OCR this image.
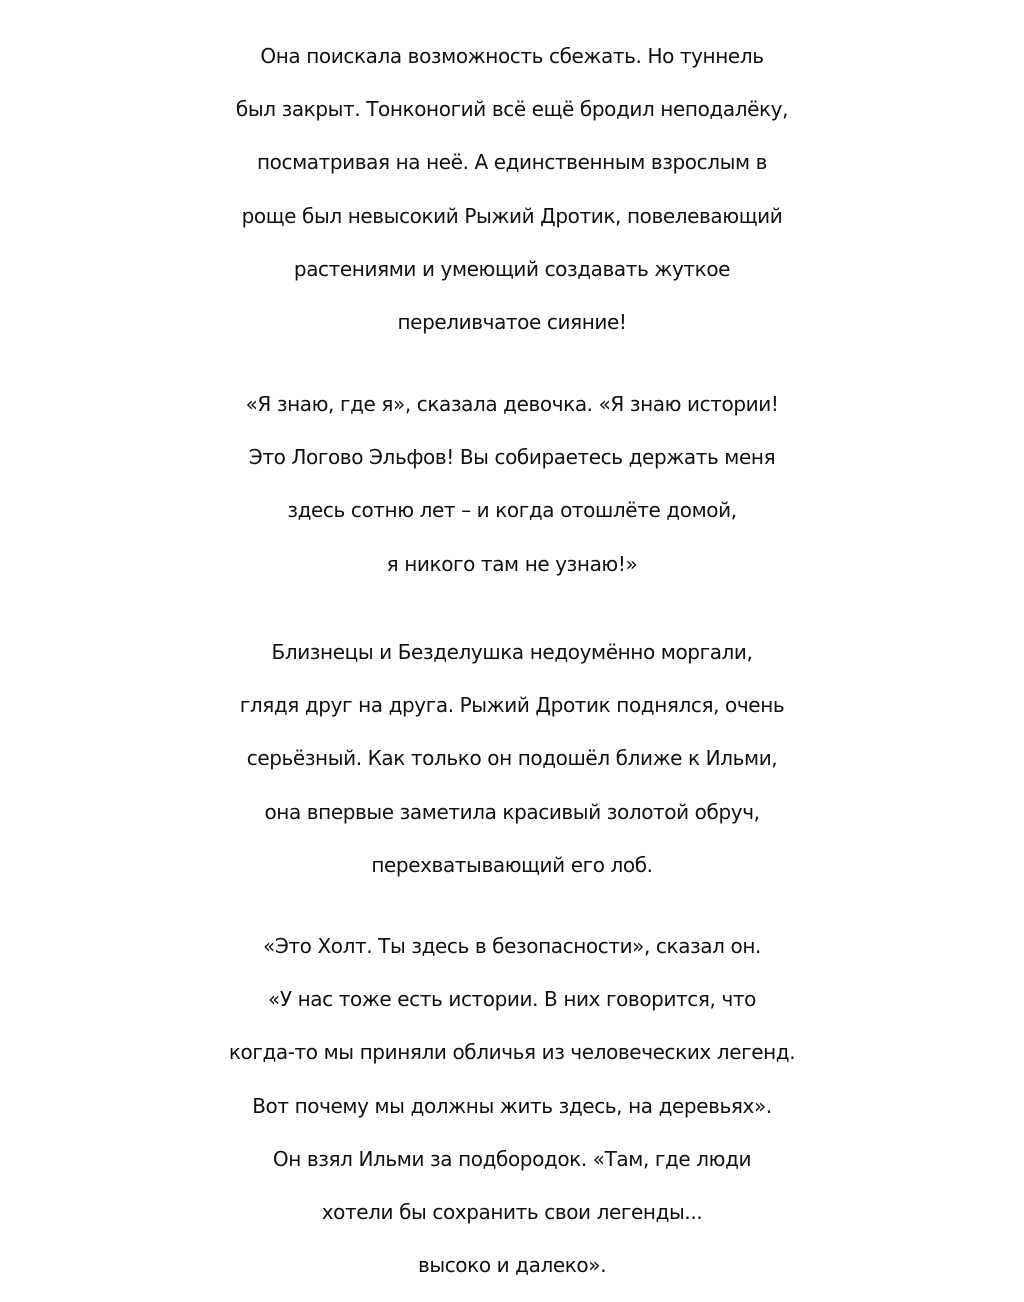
Она поискала возможность сбежать. Но туннель
был закрыт. Тонконогий всё ещё бродил неподалёку,
посматривая на неё. А единственным взрослым в
роще был невысокий Рыжий Дротик, повелевающий
растениями и умеющий создавать жуткое
переливчатое сияние!
«Я знаю, где я», сказала девочка. «Я знаю истории!
Это Логово Эльфов! Вы собираетесь держать меня
здесь сотню лет – и когда отошлёте домой,
я никого там не узнаю!»
Близнецы и Безделушка недоумённо моргали,
глядя друг на друга. Рыжий Дротик поднялся, очень
серьёзный. Как только он подошёл ближе к Ильми,
она впервые заметила красивый золотой обруч,
перехватывающий его лоб.
«Это Холт. Ты здесь в безопасности», сказал он.
«У нас тоже есть истории. В них говорится, что
когда-то мы приняли обличья из человеческих легенд.
Вот почему мы должны жить здесь, на деревьях».
Он взял Ильми за подбородок. «Там, где люди
хотели бы сохранить свои легенды...
высоко и далеко».
